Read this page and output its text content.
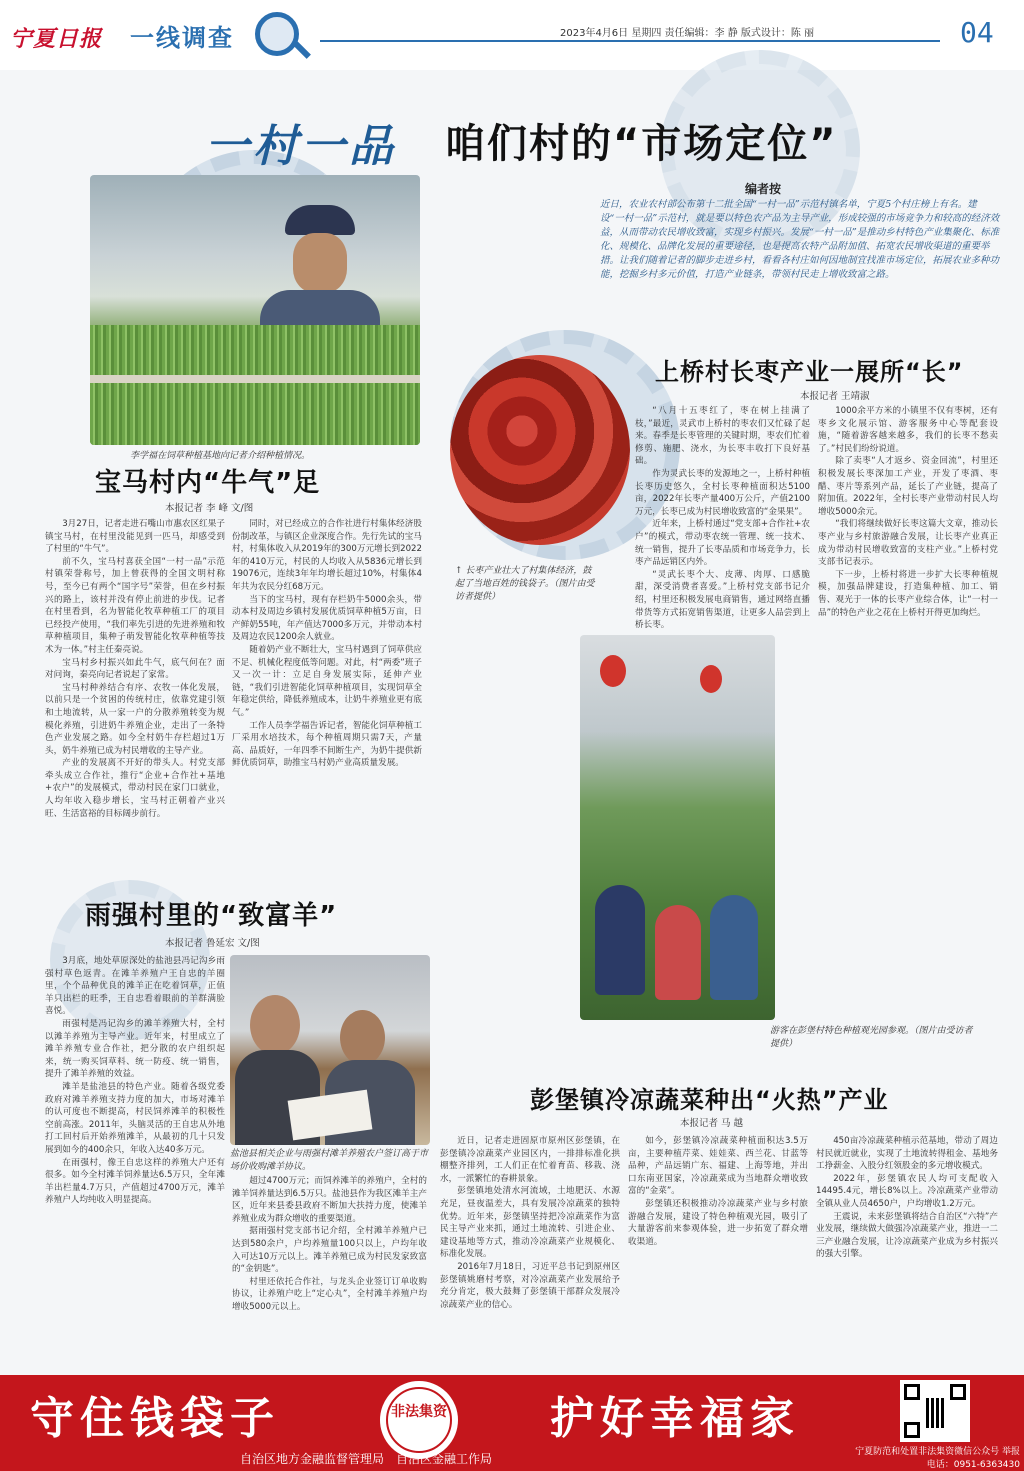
宁夏日报 一线调查	2023年4月6日 星期四 责任编辑：李 静 版式设计：陈 丽	04
一村一品 咱们村的“市场定位”
编者按
近日，农业农村部公布第十二批全国“一村一品”示范村镇名单，宁夏5个村庄榜上有名。建设“一村一品”示范村，就是要以特色农产品为主导产业，形成较强的市场竞争力和较高的经济效益，从而带动农民增收致富，实现乡村振兴。发展“一村一品”是推动乡村特色产业集聚化、标准化、规模化、品牌化发展的重要途径，也是提高农特产品附加值、拓宽农民增收渠道的重要举措。让我们随着记者的脚步走进乡村，看看各村庄如何因地制宜找准市场定位，拓展农业多种功能，挖掘乡村多元价值，打造产业链条，带领村民走上增收致富之路。
李学福在饲草种植基地向记者介绍种植情况。
↑ 长枣产业壮大了村集体经济，鼓起了当地百姓的钱袋子。（图片由受访者提供）
游客在彭堡村特色种植观光园参观。（图片由受访者提供）
盐池县相关企业与雨强村滩羊养殖农户签订高于市场价收购滩羊协议。
宝马村内“牛气”足
本报记者 李 峰 文/图

3月27日，记者走进石嘴山市惠农区红果子镇宝马村，在村里没能见到一匹马，却感受到了村里的“牛气”。

前不久，宝马村喜获全国“一村一品”示范村镇荣誉称号，加上曾获得的全国文明村称号，至今已有两个“国字号”荣誉，但在乡村振兴的路上，该村并没有停止前进的步伐。记者在村里看到，名为智能化牧草种植工厂的项目已经投产使用，“我们率先引进的先进养殖和牧草种植项目，集种子萌发智能化牧草种植等技术为一体。”村主任秦亮说。

宝马村乡村振兴如此牛气，底气何在？面对问询，秦亮向记者说起了家常。

宝马村种养结合有序、农牧一体化发展，以前只是一个贫困的传统村庄，依靠党建引领和土地流转，从一家一户的分散养殖转变为规模化养殖，引进奶牛养殖企业，走出了一条特色产业发展之路。如今全村奶牛存栏超过1万头，奶牛养殖已成为村民增收的主导产业。

产业的发展离不开好的带头人。村党支部牵头成立合作社，推行“企业+合作社+基地+农户”的发展模式，带动村民在家门口就业，人均年收入稳步增长，宝马村正朝着产业兴旺、生活富裕的目标阔步前行。

同时，对已经成立的合作社进行村集体经济股份制改革，与镇区企业深度合作。先行先试的宝马村，村集体收入从2019年的300万元增长到2022年的410万元，村民的人均收入从5836元增长到19076元，连续3年年均增长超过10%，村集体4年共为农民分红68万元。

当下的宝马村，现有存栏奶牛5000余头，带动本村及周边乡镇村发展优质饲草种植5万亩，日产鲜奶55吨，年产值达7000多万元，并带动本村及周边农民1200余人就业。

随着奶产业不断壮大，宝马村遇到了饲草供应不足、机械化程度低等问题。对此，村“两委”班子又一次一计：立足自身发展实际，延伸产业链，“我们引进智能化饲草种植项目，实现饲草全年稳定供给，降低养殖成本，让奶牛养殖业更有底气。”

工作人员李学福告诉记者，智能化饲草种植工厂采用水培技术，每个种植周期只需7天，产量高、品质好，一年四季不间断生产，为奶牛提供新鲜优质饲草，助推宝马村奶产业高质量发展。

雨强村里的“致富羊”
本报记者 鲁延宏 文/图

3月底，地处草原深处的盐池县冯记沟乡雨强村草色返青。在滩羊养殖户王自忠的羊圈里，个个品种优良的滩羊正在吃着饲草，正值羊只出栏的旺季，王自忠看着眼前的羊群满脸喜悦。

雨强村是冯记沟乡的滩羊养殖大村，全村以滩羊养殖为主导产业。近年来，村里成立了滩羊养殖专业合作社，把分散的农户组织起来，统一购买饲草料、统一防疫、统一销售，提升了滩羊养殖的效益。

滩羊是盐池县的特色产业。随着各级党委政府对滩羊养殖支持力度的加大，市场对滩羊的认可度也不断提高，村民饲养滩羊的积极性空前高涨。2011年，头脑灵活的王自忠从外地打工回村后开始养殖滩羊，从最初的几十只发展到如今的400余只，年收入达40多万元。

在雨强村，像王自忠这样的养殖大户还有很多。如今全村滩羊饲养量达6.5万只，全年滩羊出栏量4.7万只，产值超过4700万元，滩羊养殖户人均纯收入明显提高。

超过4700万元；而饲养滩羊的养殖户，全村的滩羊饲养量达到6.5万只。盐池县作为我区滩羊主产区，近年来县委县政府不断加大扶持力度，使滩羊养殖业成为群众增收的重要渠道。

据雨强村党支部书记介绍，全村滩羊养殖户已达到580余户，户均养殖量100只以上，户均年收入可达10万元以上。滩羊养殖已成为村民发家致富的“金钥匙”。

村里还依托合作社，与龙头企业签订订单收购协议，让养殖户吃上“定心丸”，全村滩羊养殖户均增收5000元以上。

上桥村长枣产业一展所“长”
本报记者 王靖淑

“八月十五枣红了，枣在树上挂满了枝，”最近，灵武市上桥村的枣农们又忙碌了起来。春季是长枣管理的关键时期，枣农们忙着修剪、施肥、浇水，为长枣丰收打下良好基础。

作为灵武长枣的发源地之一，上桥村种植长枣历史悠久，全村长枣种植面积达5100亩，2022年长枣产量400万公斤，产值2100万元，长枣已成为村民增收致富的“金果果”。

近年来，上桥村通过“党支部+合作社+农户”的模式，带动枣农统一管理、统一技术、统一销售，提升了长枣品质和市场竞争力，长枣产品远销区内外。

“灵武长枣个大、皮薄、肉厚、口感脆甜，深受消费者喜爱。”上桥村党支部书记介绍，村里还积极发展电商销售，通过网络直播带货等方式拓宽销售渠道，让更多人品尝到上桥长枣。

1000余平方米的小镇里不仅有枣树，还有枣乡文化展示馆、游客服务中心等配套设施，“随着游客越来越多，我们的长枣不愁卖了。”村民们纷纷说道。

除了卖枣“人才返乡、资金回流”，村里还积极发展长枣深加工产业，开发了枣酒、枣醋、枣片等系列产品，延长了产业链，提高了附加值。2022年，全村长枣产业带动村民人均增收5000余元。

“我们将继续做好长枣这篇大文章，推动长枣产业与乡村旅游融合发展，让长枣产业真正成为带动村民增收致富的支柱产业。”上桥村党支部书记表示。

下一步，上桥村将进一步扩大长枣种植规模，加强品牌建设，打造集种植、加工、销售、观光于一体的长枣产业综合体，让“一村一品”的特色产业之花在上桥村开得更加绚烂。

彭堡镇冷凉蔬菜种出“火热”产业
本报记者 马 越

近日，记者走进固原市原州区彭堡镇，在彭堡镇冷凉蔬菜产业园区内，一排排标准化拱棚整齐排列，工人们正在忙着育苗、移栽、浇水，一派繁忙的春耕景象。

彭堡镇地处清水河流域，土地肥沃、水源充足，昼夜温差大，具有发展冷凉蔬菜的独特优势。近年来，彭堡镇坚持把冷凉蔬菜作为富民主导产业来抓，通过土地流转、引进企业、建设基地等方式，推动冷凉蔬菜产业规模化、标准化发展。

2016年7月18日，习近平总书记到原州区彭堡镇姚磨村考察，对冷凉蔬菜产业发展给予充分肯定，极大鼓舞了彭堡镇干部群众发展冷凉蔬菜产业的信心。

如今，彭堡镇冷凉蔬菜种植面积达3.5万亩，主要种植芹菜、娃娃菜、西兰花、甘蓝等品种，产品远销广东、福建、上海等地，并出口东南亚国家，冷凉蔬菜成为当地群众增收致富的“金菜”。

彭堡镇还积极推动冷凉蔬菜产业与乡村旅游融合发展，建设了特色种植观光园，吸引了大量游客前来参观体验，进一步拓宽了群众增收渠道。

450亩冷凉蔬菜种植示范基地，带动了周边村民就近就业，实现了土地流转得租金、基地务工挣薪金、入股分红领股金的多元增收模式。

2022年，彭堡镇农民人均可支配收入14495.4元，增长8%以上。冷凉蔬菜产业带动全镇从业人员4650户，户均增收1.2万元。

王震说，未来彭堡镇将结合自治区“六特”产业发展，继续做大做强冷凉蔬菜产业，推进一二三产业融合发展，让冷凉蔬菜产业成为乡村振兴的强大引擎。

守住钱袋子	非法集资 护好幸福家
自治区地方金融监督管理局　自治区金融工作局	宁夏防范和处置非法集资微信公众号 举报电话：0951-6363430
